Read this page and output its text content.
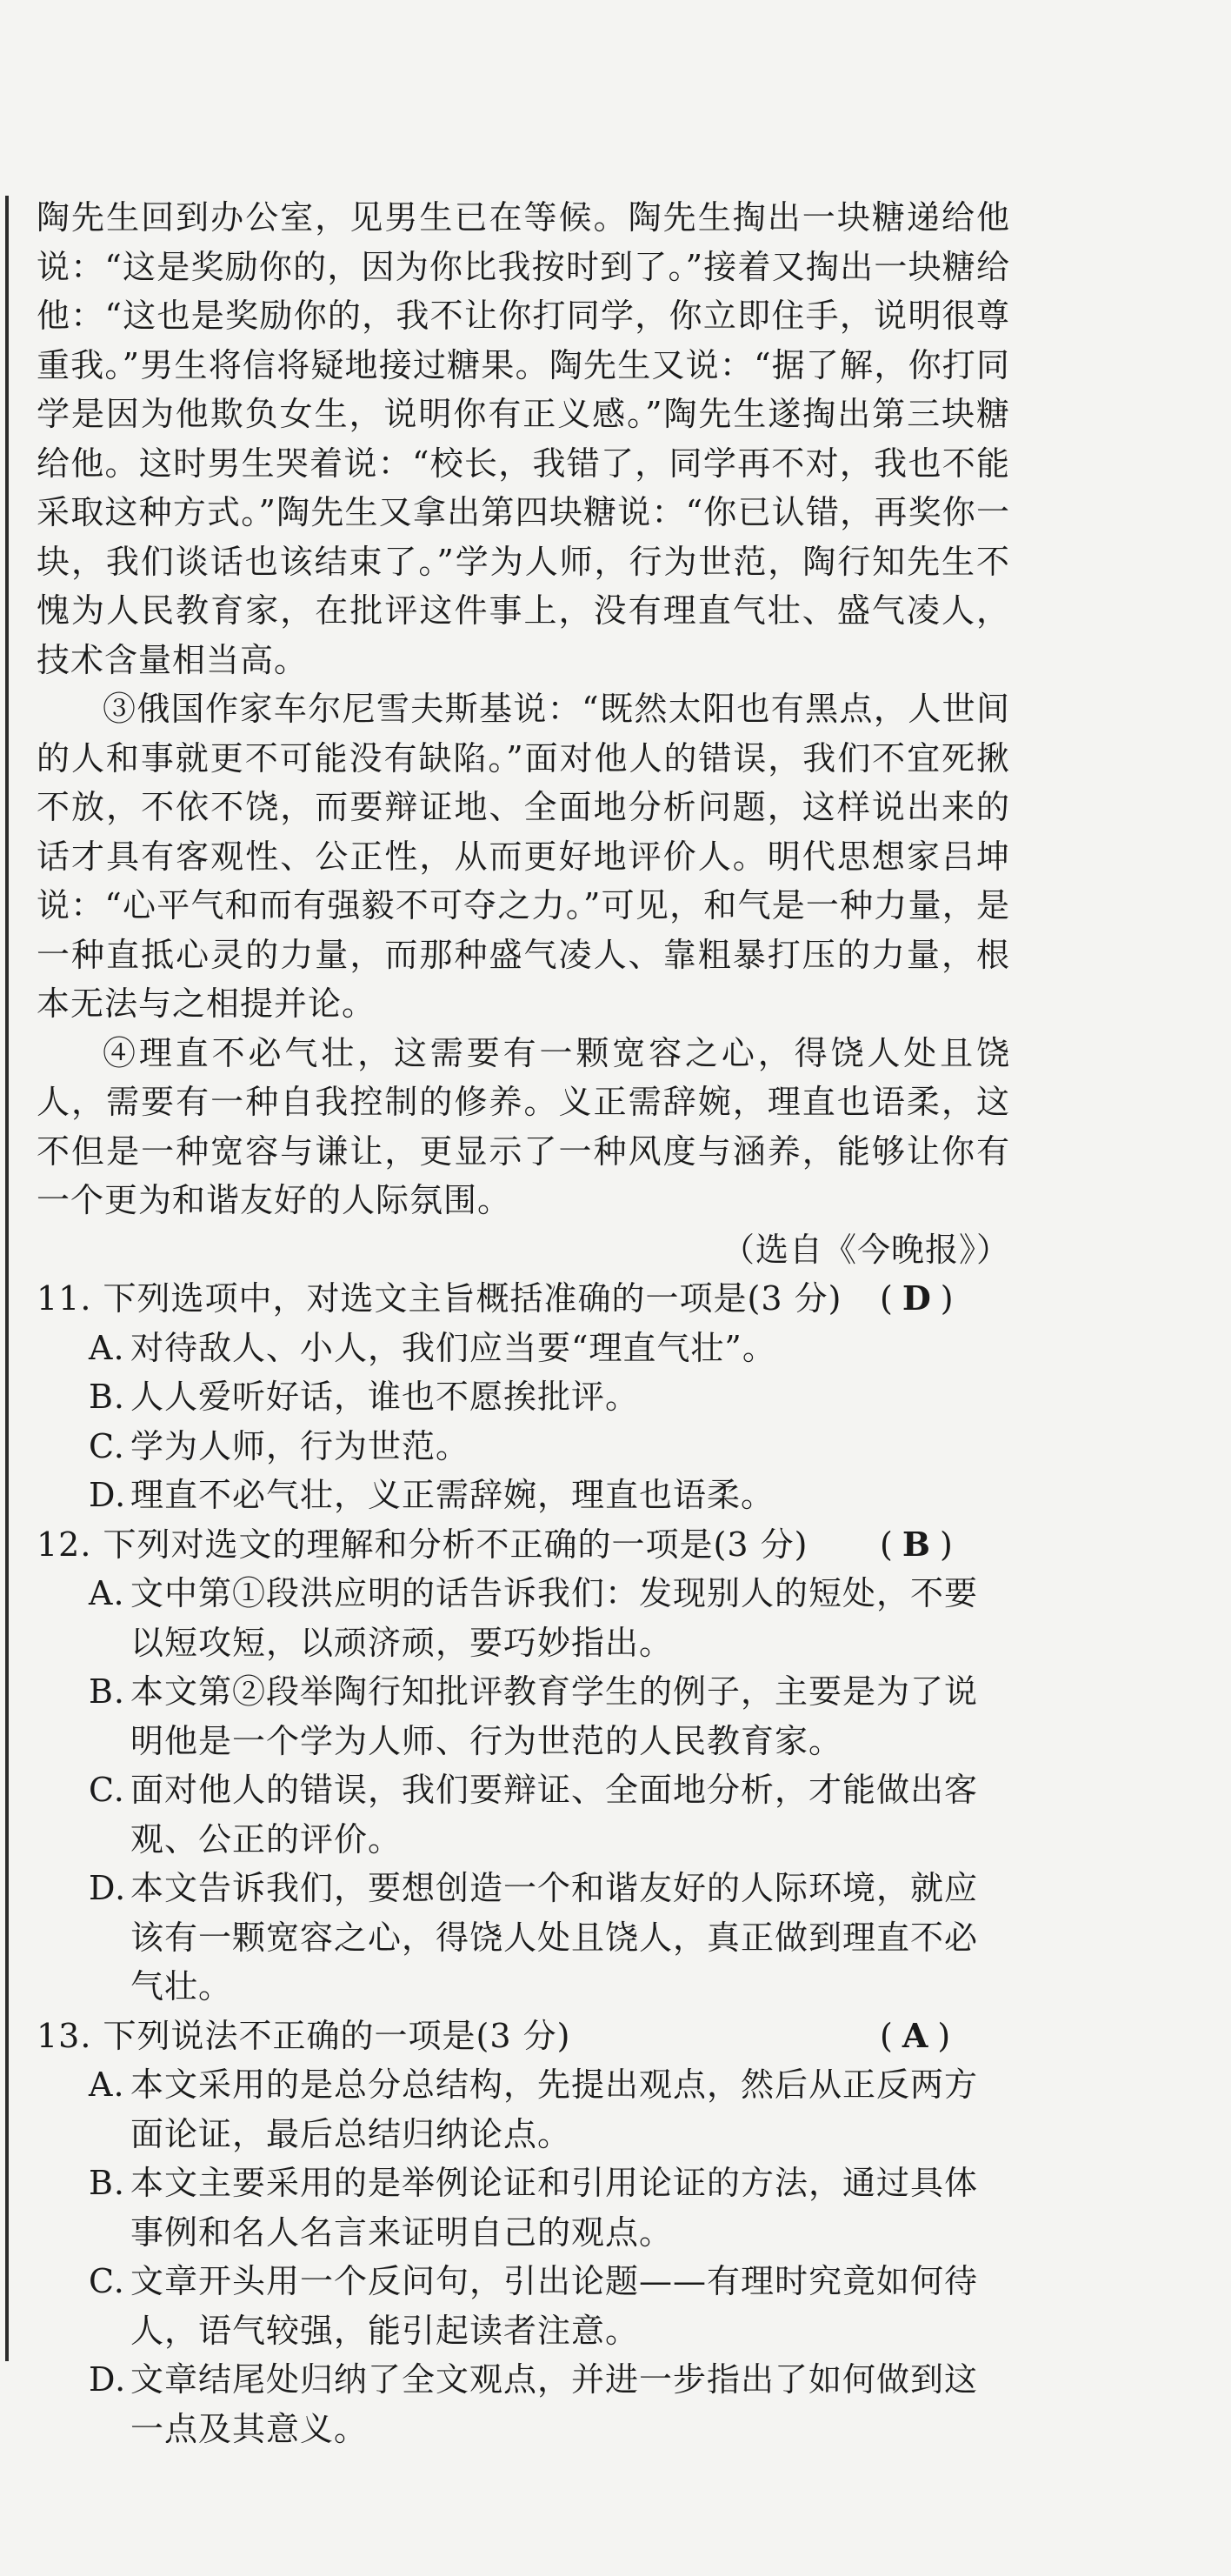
陶先生回到办公室，见男生已在等候。陶先生掏出一块糖递给他说：“这是奖励你的，因为你比我按时到了。”接着又掏出一块糖给他：“这也是奖励你的，我不让你打同学，你立即住手，说明很尊重我。”男生将信将疑地接过糖果。陶先生又说：“据了解，你打同学是因为他欺负女生，说明你有正义感。”陶先生遂掏出第三块糖给他。这时男生哭着说：“校长，我错了，同学再不对，我也不能采取这种方式。”陶先生又拿出第四块糖说：“你已认错，再奖你一块，我们谈话也该结束了。”学为人师，行为世范，陶行知先生不愧为人民教育家，在批评这件事上，没有理直气壮、盛气凌人，技术含量相当高。

③俄国作家车尔尼雪夫斯基说：“既然太阳也有黑点，人世间的人和事就更不可能没有缺陷。”面对他人的错误，我们不宜死揪不放，不依不饶，而要辩证地、全面地分析问题，这样说出来的话才具有客观性、公正性，从而更好地评价人。明代思想家吕坤说：“心平气和而有强毅不可夺之力。”可见，和气是一种力量，是一种直抵心灵的力量，而那种盛气凌人、靠粗暴打压的力量，根本无法与之相提并论。

④理直不必气壮，这需要有一颗宽容之心，得饶人处且饶人，需要有一种自我控制的修养。义正需辞婉，理直也语柔，这不但是一种宽容与谦让，更显示了一种风度与涵养，能够让你有一个更为和谐友好的人际氛围。

（选自《今晚报》）

11. 下列选项中，对选文主旨概括准确的一项是(3 分)	( D )
A. 对待敌人、小人，我们应当要“理直气壮”。
B. 人人爱听好话，谁也不愿挨批评。
C. 学为人师，行为世范。
D. 理直不必气壮，义正需辞婉，理直也语柔。
12. 下列对选文的理解和分析不正确的一项是(3 分)	( B )
A. 文中第①段洪应明的话告诉我们：发现别人的短处，不要以短攻短，以顽济顽，要巧妙指出。
B. 本文第②段举陶行知批评教育学生的例子，主要是为了说明他是一个学为人师、行为世范的人民教育家。
C. 面对他人的错误，我们要辩证、全面地分析，才能做出客观、公正的评价。
D. 本文告诉我们，要想创造一个和谐友好的人际环境，就应该有一颗宽容之心，得饶人处且饶人，真正做到理直不必气壮。
13. 下列说法不正确的一项是(3 分)	( A )
A. 本文采用的是总分总结构，先提出观点，然后从正反两方面论证，最后总结归纳论点。
B. 本文主要采用的是举例论证和引用论证的方法，通过具体事例和名人名言来证明自己的观点。
C. 文章开头用一个反问句，引出论题——有理时究竟如何待人，语气较强，能引起读者注意。
D. 文章结尾处归纳了全文观点，并进一步指出了如何做到这一点及其意义。
